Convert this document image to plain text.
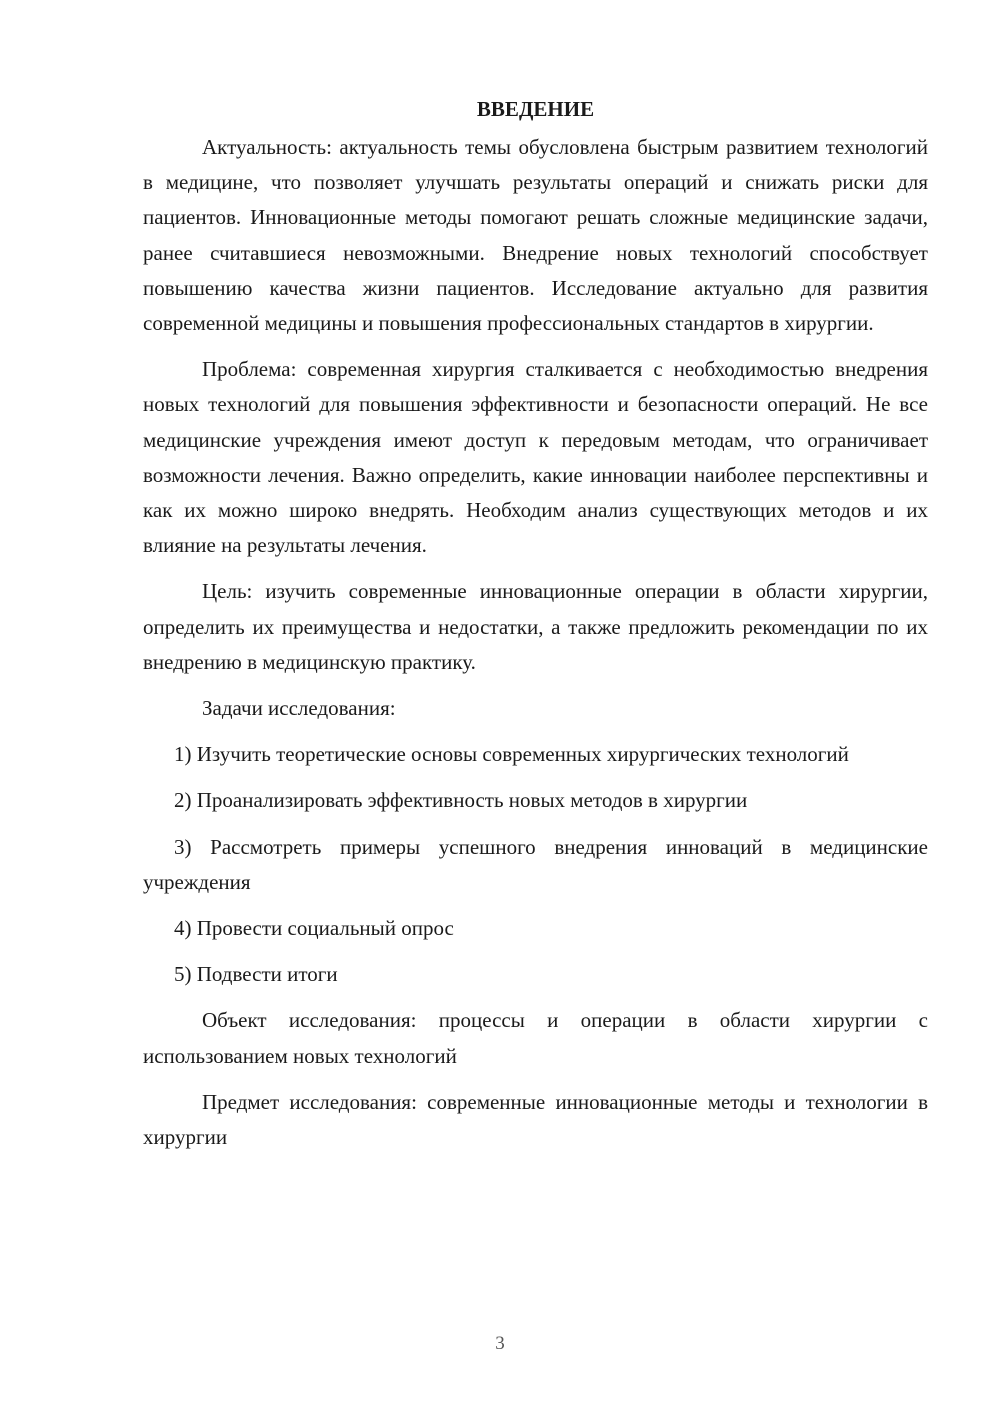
ВВЕДЕНИЕ

Актуальность: актуальность темы обусловлена быстрым развитием технологий в медицине, что позволяет улучшать результаты операций и снижать риски для пациентов. Инновационные методы помогают решать сложные медицинские задачи, ранее считавшиеся невозможными. Внедрение новых технологий способствует повышению качества жизни пациентов. Исследование актуально для развития современной медицины и повышения профессиональных стандартов в хирургии.

Проблема: современная хирургия сталкивается с необходимостью внедрения новых технологий для повышения эффективности и безопасности операций. Не все медицинские учреждения имеют доступ к передовым методам, что ограничивает возможности лечения. Важно определить, какие инновации наиболее перспективны и как их можно широко внедрять. Необходим анализ существующих методов и их влияние на результаты лечения.

Цель: изучить современные инновационные операции в области хирургии, определить их преимущества и недостатки, а также предложить рекомендации по их внедрению в медицинскую практику.

Задачи исследования:

1) Изучить теоретические основы современных хирургических технологий

2) Проанализировать эффективность новых методов в хирургии

3) Рассмотреть примеры успешного внедрения инноваций в медицинские учреждения

4) Провести социальный опрос

5) Подвести итоги

Объект исследования: процессы и операции в области хирургии с использованием новых технологий

Предмет исследования: современные инновационные методы и технологии в хирургии

3
